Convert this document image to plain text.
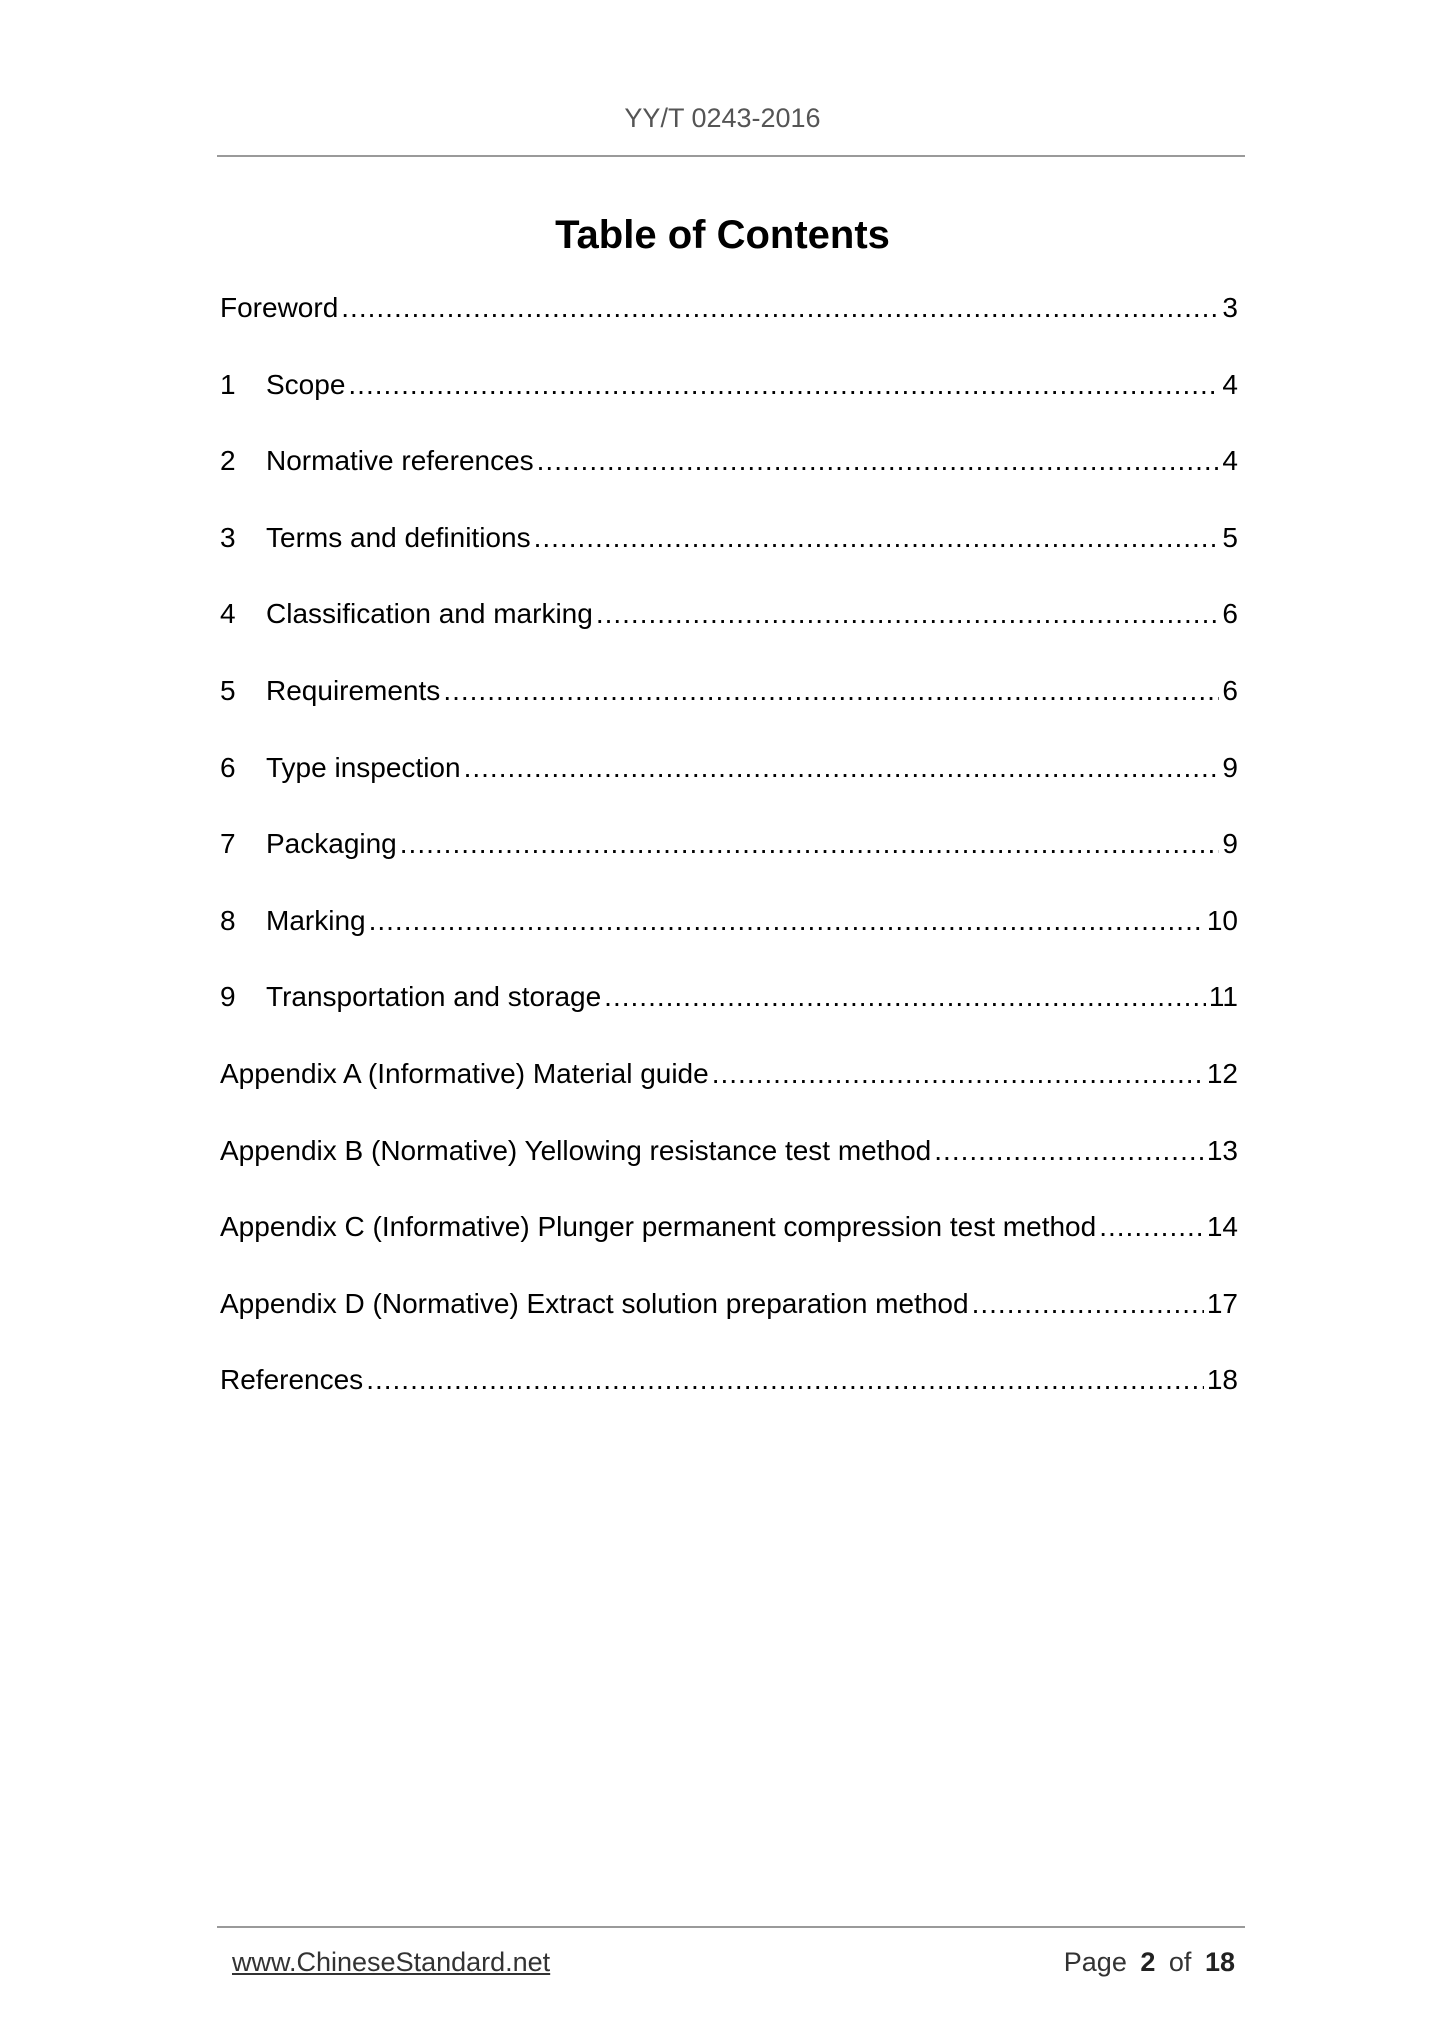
YY/T 0243-2016
Table of Contents
Foreword .....	3
1	Scope .....	4
2	Normative references .....	4
3	Terms and definitions .....	5
4	Classification and marking .....	6
5	Requirements .....	6
6	Type inspection .....	9
7	Packaging .....	9
8	Marking .....	10
9	Transportation and storage .....	11
Appendix A (Informative) Material guide .....	12
Appendix B (Normative) Yellowing resistance test method .....	13
Appendix C (Informative) Plunger permanent compression test method .....	14
Appendix D (Normative) Extract solution preparation method .....	17
References .....	18
www.ChineseStandard.net	Page 2 of 18
